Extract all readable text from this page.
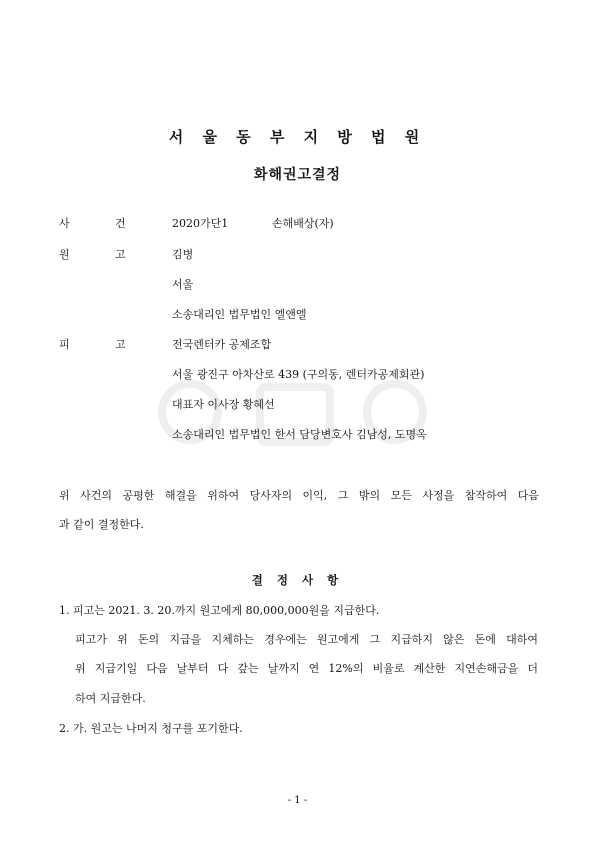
서 울 동 부 지 방 법 원
화해권고결정
사	건	2020가단1	손해배상(자)
원	고	김병
서울
소송대리인 법무법인 엘앤엘
피	고	전국렌터카 공제조합
서울 광진구 아차산로 439 (구의동, 렌터카공제회관)
대표자 이사장 황혜선
소송대리인 법무법인 한서 담당변호사 김남성, 도명옥
위 사건의 공평한 해결을 위하여 당사자의 이익, 그 밖의 모든 사정을 참작하여 다음
과 같이 결정한다.
결 정 사 항
1. 피고는 2021. 3. 20.까지 원고에게 80,000,000원을 지급한다.
피고가 위 돈의 지급을 지체하는 경우에는 원고에게 그 지급하지 않은 돈에 대하여
위 지급기일 다음 날부터 다 갚는 날까지 연 12%의 비율로 계산한 지연손해금을 더
하여 지급한다.
2. 가. 원고는 나머지 청구를 포기한다.
- 1 -
